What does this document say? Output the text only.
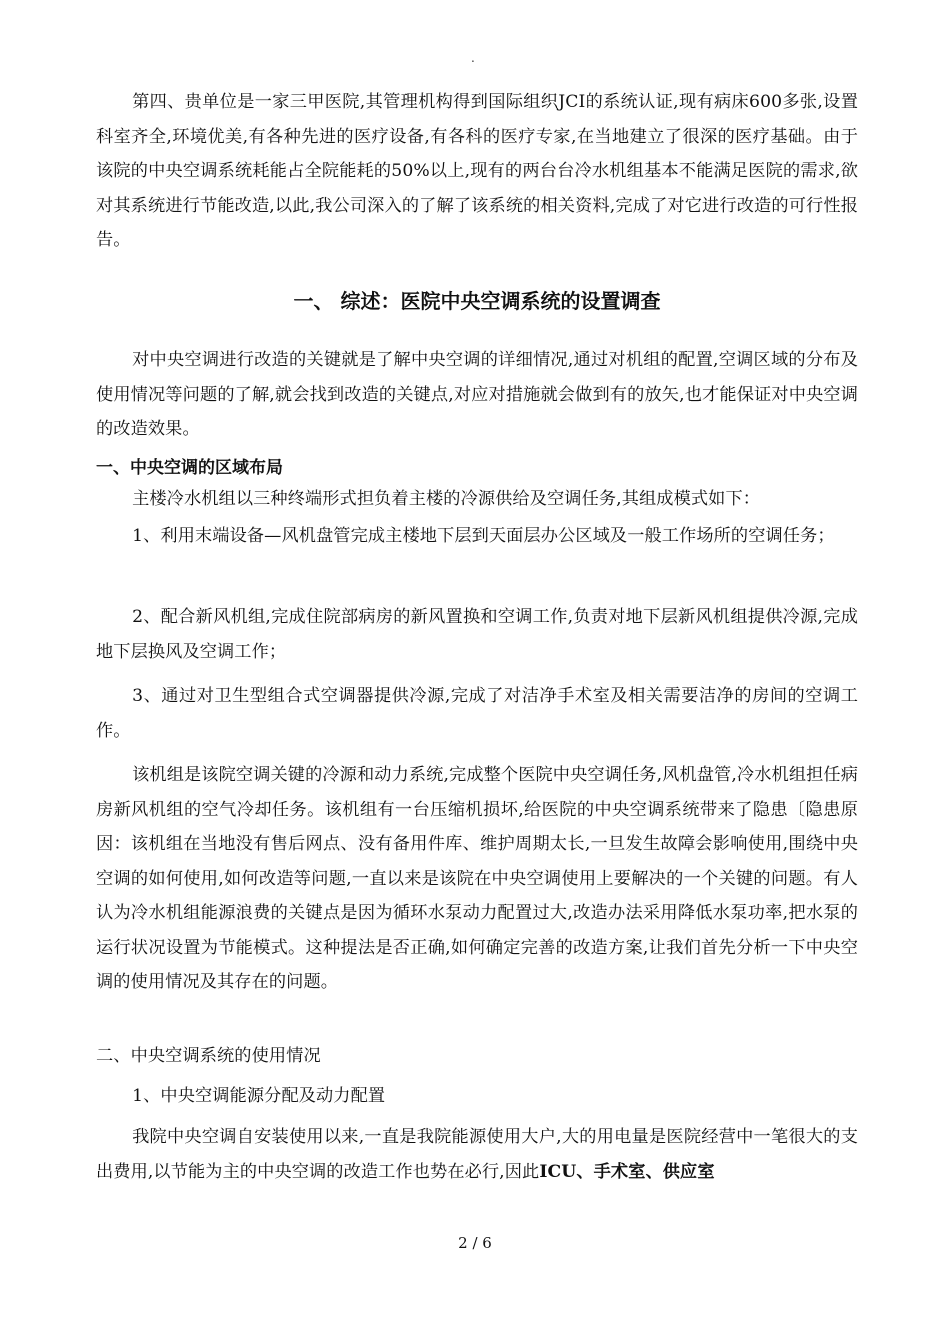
.

第四、贵单位是一家三甲医院,其管理机构得到国际组织JCI的系统认证,现有病床600多张,设置科室齐全,环境优美,有各种先进的医疗设备,有各科的医疗专家,在当地建立了很深的医疗基础。由于该院的中央空调系统耗能占全院能耗的50%以上,现有的两台台冷水机组基本不能满足医院的需求,欲对其系统进行节能改造,以此,我公司深入的了解了该系统的相关资料,完成了对它进行改造的可行性报告。

一、 综述：医院中央空调系统的设置调查

对中央空调进行改造的关键就是了解中央空调的详细情况,通过对机组的配置,空调区域的分布及使用情况等问题的了解,就会找到改造的关键点,对应对措施就会做到有的放矢,也才能保证对中央空调的改造效果。

一、中央空调的区域布局

主楼冷水机组以三种终端形式担负着主楼的冷源供给及空调任务,其组成模式如下：

1、利用末端设备—风机盘管完成主楼地下层到天面层办公区域及一般工作场所的空调任务；

2、配合新风机组,完成住院部病房的新风置换和空调工作,负责对地下层新风机组提供冷源,完成地下层换风及空调工作；

3、通过对卫生型组合式空调器提供冷源,完成了对洁净手术室及相关需要洁净的房间的空调工作。

该机组是该院空调关键的冷源和动力系统,完成整个医院中央空调任务,风机盘管,冷水机组担任病房新风机组的空气冷却任务。该机组有一台压缩机损坏,给医院的中央空调系统带来了隐患〔隐患原因：该机组在当地没有售后网点、没有备用件库、维护周期太长,一旦发生故障会影响使用,围绕中央空调的如何使用,如何改造等问题,一直以来是该院在中央空调使用上要解决的一个关键的问题。有人认为冷水机组能源浪费的关键点是因为循环水泵动力配置过大,改造办法采用降低水泵功率,把水泵的运行状况设置为节能模式。这种提法是否正确,如何确定完善的改造方案,让我们首先分析一下中央空调的使用情况及其存在的问题。

二、中央空调系统的使用情况

1、中央空调能源分配及动力配置

我院中央空调自安装使用以来,一直是我院能源使用大户,大的用电量是医院经营中一笔很大的支出费用,以节能为主的中央空调的改造工作也势在必行,因此ICU、手术室、供应室

2 / 6
